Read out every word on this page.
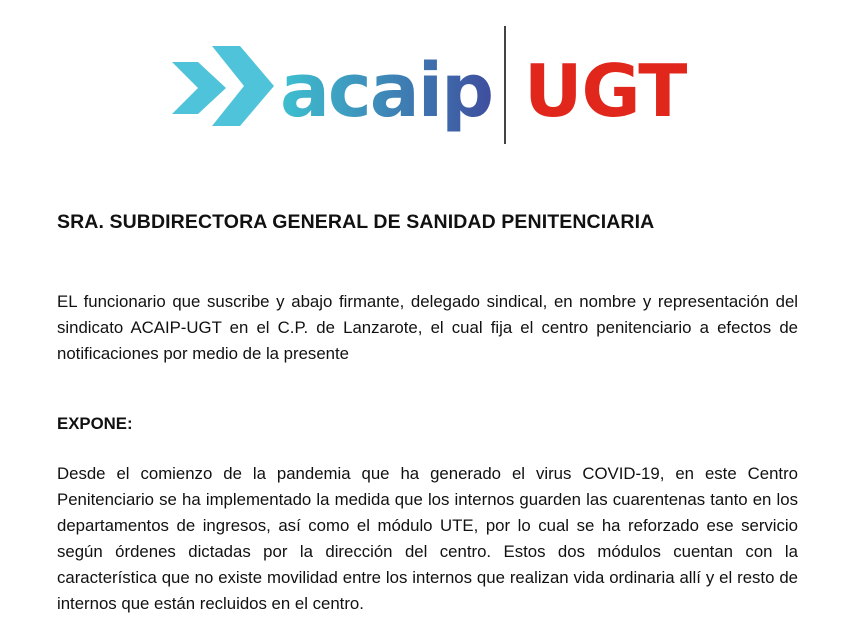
acaip UGT
SRA. SUBDIRECTORA GENERAL DE SANIDAD PENITENCIARIA
EL funcionario que suscribe y abajo firmante, delegado sindical, en nombre y representación del sindicato ACAIP-UGT en el C.P. de Lanzarote, el cual fija el centro penitenciario a efectos de notificaciones por medio de la presente
EXPONE:
Desde el comienzo de la pandemia que ha generado el virus COVID-19, en este Centro Penitenciario se ha implementado la medida que los internos guarden las cuarentenas tanto en los departamentos de ingresos, así como el módulo UTE, por lo cual se ha reforzado ese servicio según órdenes dictadas por la dirección del centro. Estos dos módulos cuentan con la característica que no existe movilidad entre los internos que realizan vida ordinaria allí y el resto de internos que están recluidos en el centro.
